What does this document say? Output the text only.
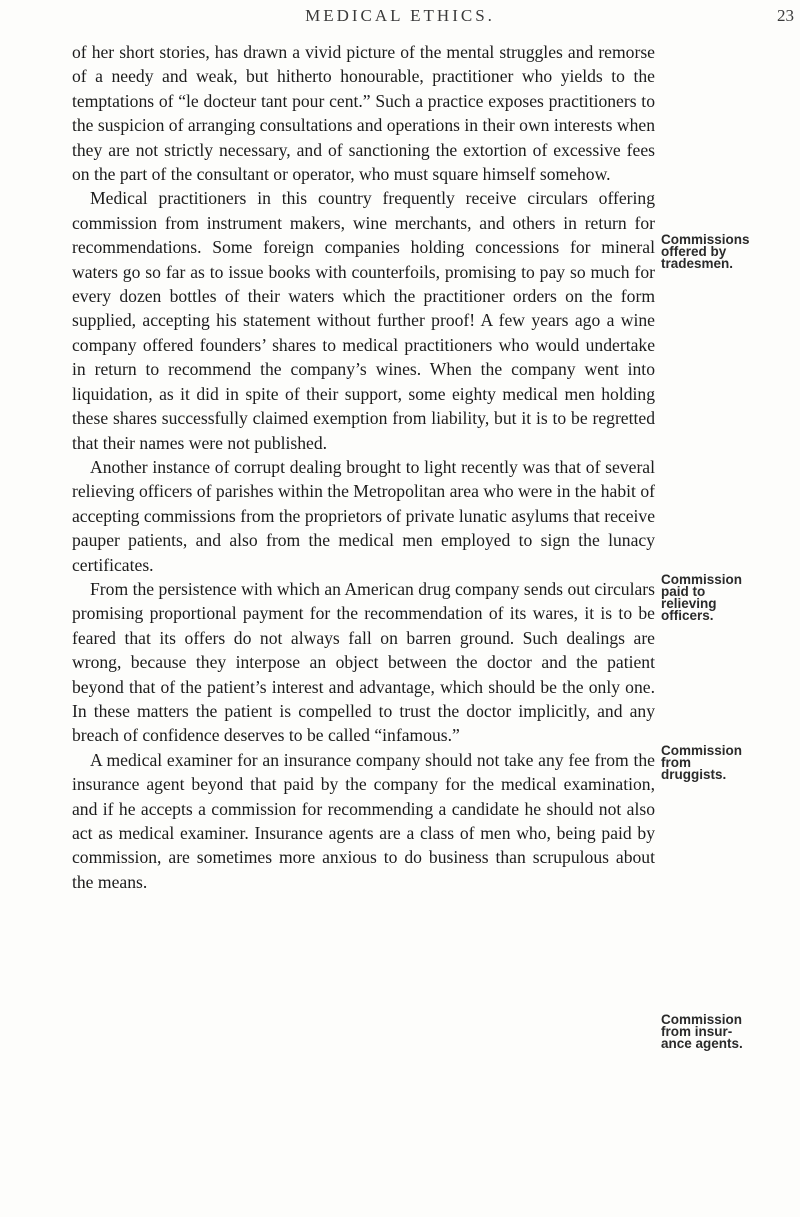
MEDICAL ETHICS.	23

of her short stories, has drawn a vivid picture of the mental struggles and remorse of a needy and weak, but hitherto honourable, practitioner who yields to the temptations of “le docteur tant pour cent.” Such a practice exposes practitioners to the suspicion of arranging consultations and operations in their own interests when they are not strictly necessary, and of sanctioning the extortion of excessive fees on the part of the consultant or operator, who must square himself somehow.

Medical practitioners in this country frequently receive circulars offering commission from instrument makers, wine merchants, and others in return for recommendations. Some foreign companies holding concessions for mineral waters go so far as to issue books with counterfoils, promising to pay so much for every dozen bottles of their waters which the practitioner orders on the form supplied, accepting his statement without further proof! A few years ago a wine company offered founders’ shares to medical practitioners who would undertake in return to recommend the company’s wines. When the company went into liquidation, as it did in spite of their support, some eighty medical men holding these shares successfully claimed exemption from liability, but it is to be regretted that their names were not published.

Another instance of corrupt dealing brought to light recently was that of several relieving officers of parishes within the Metropolitan area who were in the habit of accepting commissions from the proprietors of private lunatic asylums that receive pauper patients, and also from the medical men employed to sign the lunacy certificates.

From the persistence with which an American drug company sends out circulars promising proportional payment for the recommendation of its wares, it is to be feared that its offers do not always fall on barren ground. Such dealings are wrong, because they interpose an object between the doctor and the patient beyond that of the patient’s interest and advantage, which should be the only one. In these matters the patient is compelled to trust the doctor implicitly, and any breach of confidence deserves to be called “infamous.”

A medical examiner for an insurance company should not take any fee from the insurance agent beyond that paid by the company for the medical examination, and if he accepts a commission for recommending a candidate he should not also act as medical examiner. Insurance agents are a class of men who, being paid by commission, are sometimes more anxious to do business than scrupulous about the means.

Commissions
offered by
tradesmen.
Commission
paid to
relieving
officers.
Commission
from
druggists.
Commission
from insur-
ance agents.
